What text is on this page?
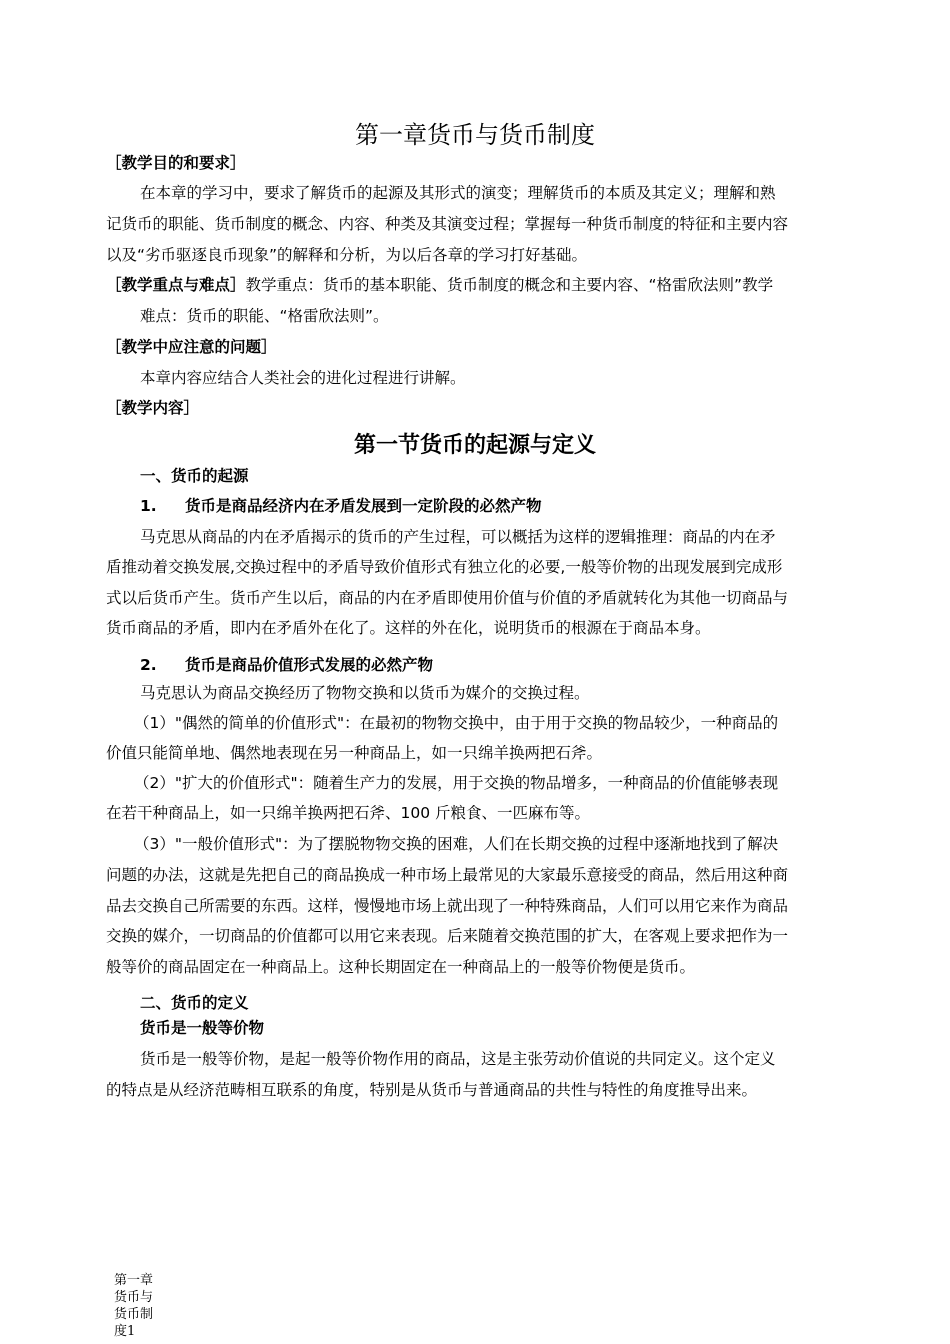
第一章货币与货币制度
［教学目的和要求］
在本章的学习中，要求了解货币的起源及其形式的演变；理解货币的本质及其定义；理解和熟
记货币的职能、货币制度的概念、内容、种类及其演变过程；掌握每一种货币制度的特征和主要内容
以及“劣币驱逐良币现象”的解释和分析，为以后各章的学习打好基础。
［教学重点与难点］教学重点：货币的基本职能、货币制度的概念和主要内容、“格雷欣法则”教学
难点：货币的职能、“格雷欣法则”。
［教学中应注意的问题］
本章内容应结合人类社会的进化过程进行讲解。
［教学内容］
第一节货币的起源与定义
一、货币的起源
1. 货币是商品经济内在矛盾发展到一定阶段的必然产物
马克思从商品的内在矛盾揭示的货币的产生过程，可以概括为这样的逻辑推理：商品的内在矛
盾推动着交换发展,交换过程中的矛盾导致价值形式有独立化的必要,一般等价物的出现发展到完成形
式以后货币产生。货币产生以后，商品的内在矛盾即使用价值与价值的矛盾就转化为其他一切商品与
货币商品的矛盾，即内在矛盾外在化了。这样的外在化，说明货币的根源在于商品本身。
2. 货币是商品价值形式发展的必然产物
马克思认为商品交换经历了物物交换和以货币为媒介的交换过程。
（1）"偶然的简单的价值形式"：在最初的物物交换中，由于用于交换的物品较少，一种商品的
价值只能简单地、偶然地表现在另一种商品上，如一只绵羊换两把石斧。
（2）"扩大的价值形式"：随着生产力的发展，用于交换的物品增多，一种商品的价值能够表现
在若干种商品上，如一只绵羊换两把石斧、100 斤粮食、一匹麻布等。
（3）"一般价值形式"：为了摆脱物物交换的困难，人们在长期交换的过程中逐渐地找到了解决
问题的办法，这就是先把自己的商品换成一种市场上最常见的大家最乐意接受的商品，然后用这种商
品去交换自己所需要的东西。这样，慢慢地市场上就出现了一种特殊商品，人们可以用它来作为商品
交换的媒介，一切商品的价值都可以用它来表现。后来随着交换范围的扩大，在客观上要求把作为一
般等价的商品固定在一种商品上。这种长期固定在一种商品上的一般等价物便是货币。
二、货币的定义
货币是一般等价物
货币是一般等价物，是起一般等价物作用的商品，这是主张劳动价值说的共同定义。这个定义
的特点是从经济范畴相互联系的角度，特别是从货币与普通商品的共性与特性的角度推导出来。
第一章货币与货币制度1
